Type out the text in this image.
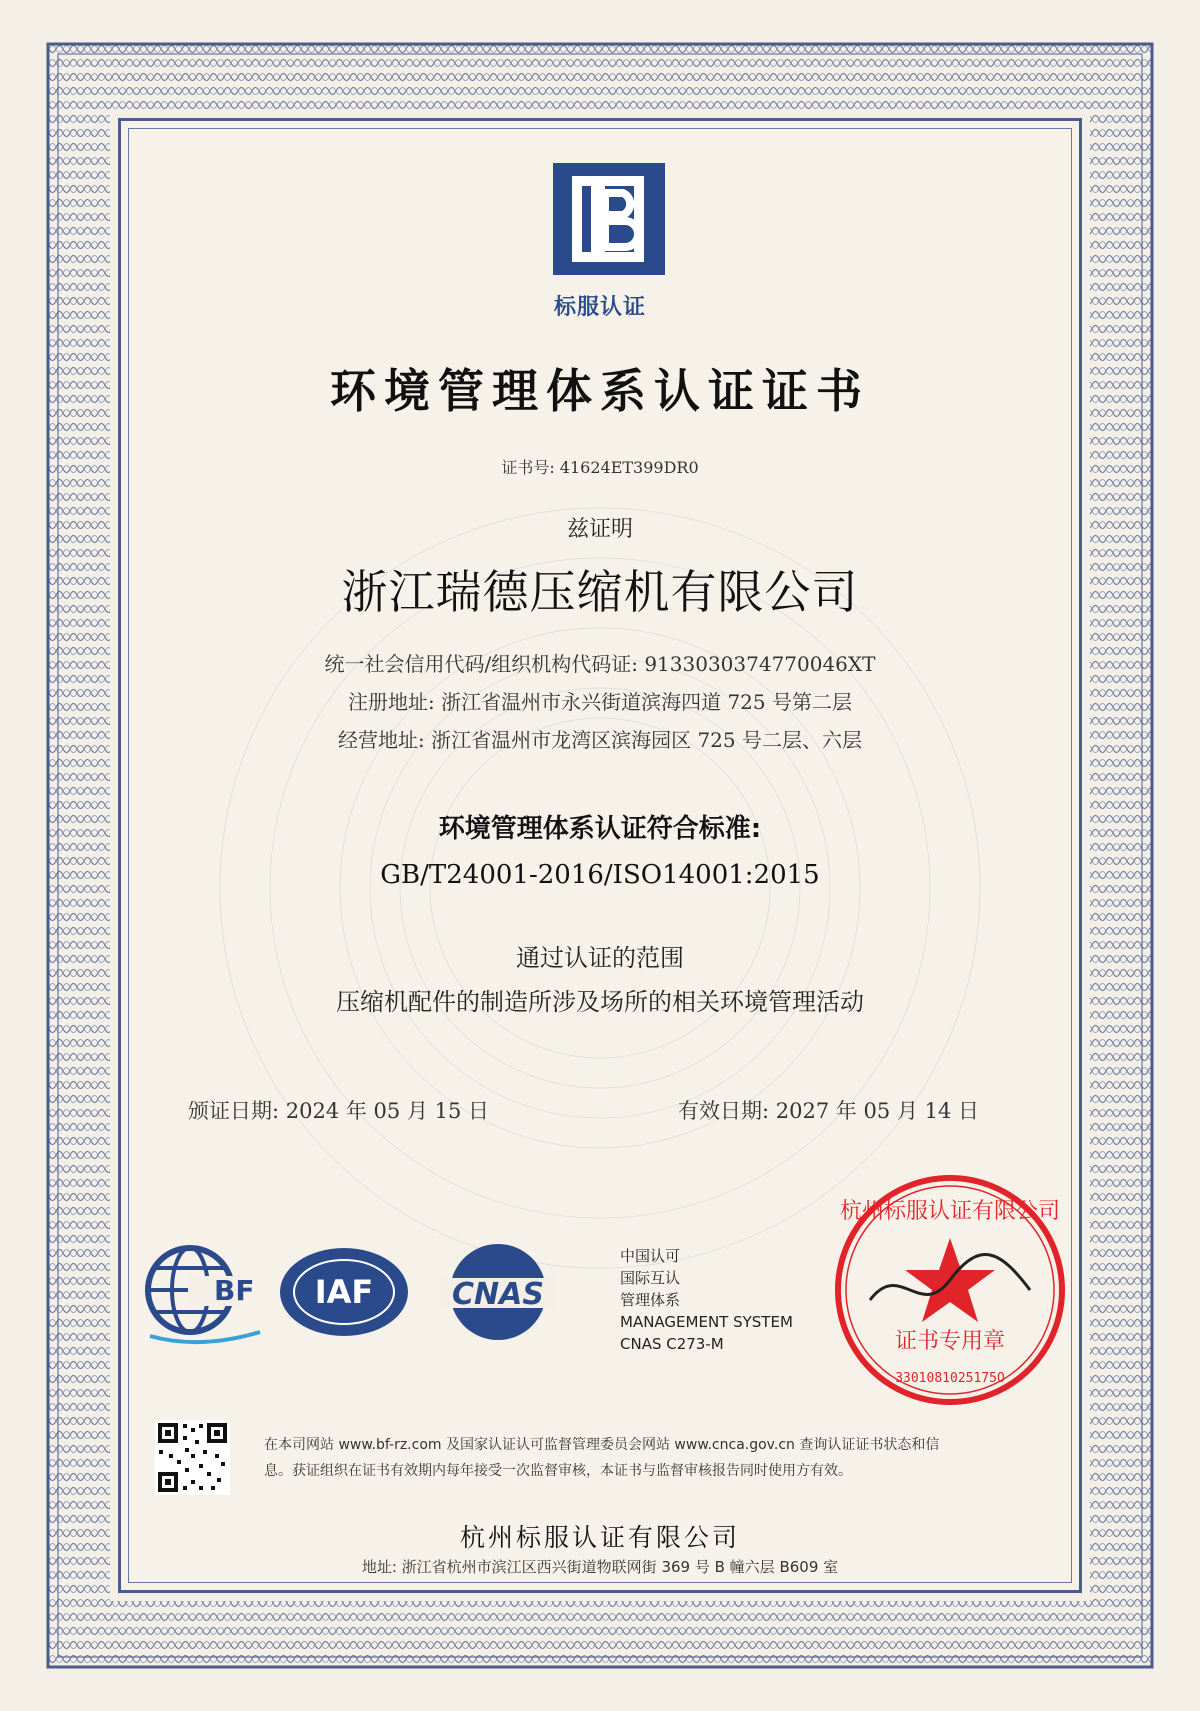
标服认证
环境管理体系认证证书
证书号: 41624ET399DR0
兹证明
浙江瑞德压缩机有限公司
统一社会信用代码/组织机构代码证: 9133030374770046XT
注册地址: 浙江省温州市永兴街道滨海四道 725 号第二层
经营地址: 浙江省温州市龙湾区滨海园区 725 号二层、六层
环境管理体系认证符合标准:
GB/T24001-2016/ISO14001:2015
通过认证的范围
压缩机配件的制造所涉及场所的相关环境管理活动
颁证日期: 2024 年 05 月 15 日	有效日期: 2027 年 05 月 14 日
BF IAF	CNAS
中国认可
国际互认
管理体系
MANAGEMENT SYSTEM
CNAS C273-M
杭州标服认证有限公司
证书专用章
3301081025175O
在本司网站 www.bf-rz.com 及国家认证认可监督管理委员会网站 www.cnca.gov.cn 查询认证证书状态和信
息。获证组织在证书有效期内每年接受一次监督审核，本证书与监督审核报告同时使用方有效。
杭州标服认证有限公司
地址: 浙江省杭州市滨江区西兴街道物联网街 369 号 B 幢六层 B609 室
